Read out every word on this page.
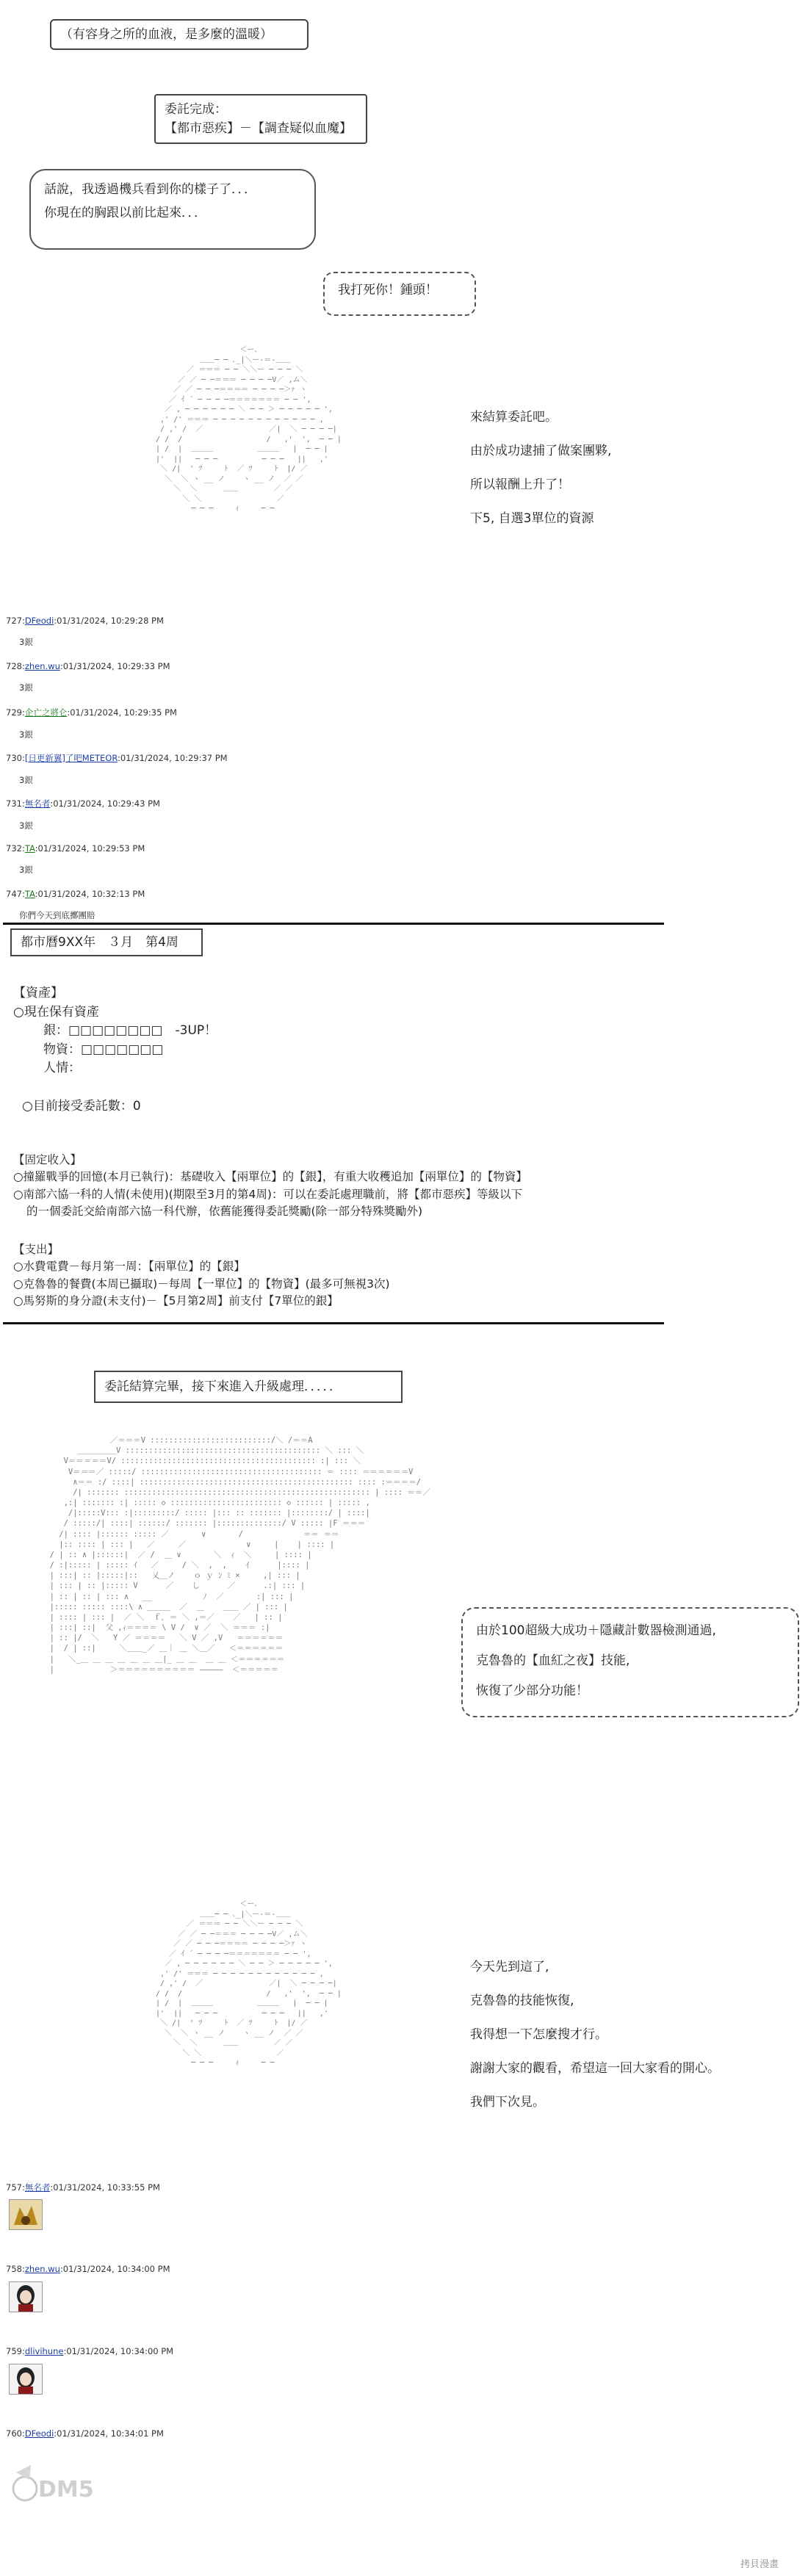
（有容身之所的血液，是多麼的溫暖）
委託完成：
【都市惡疾】－【調查疑似血魔】
話說，我透過機兵看到你的樣子了．．．
你現在的胸跟以前比起來．．．
我打死你！鍾頭！
＜ー､
＿＿─ ─ ､_|＼ー-＝-＿＿
／ ＝＝＝ ─ ─ ＼＼ー ─ ─ ─ ＼
／ ／ ─ ─＝＝＝ ─ ─ ─ ─V／ ,ム＼
／ ／ ─ ─ ─＝＝＝＝ ─ ─ ─ ─＞ｧ ヽ
／ ｲ ´ ─ ─ ─ ─＝＝＝＝＝＝＝ ─ ─ ',
／ , ─ ─ ─ ─ ─ ─ ＼ ─ ─ ＞ ─ ─ ─ ─ ─ ',
,' /' ＝＝＝ ─ ─ ─ ─ ─ ─ ─ ─ ─ ─ ─ ─ ,
/ ,' /  ／               ／|  ＼ ─ ─ ─ ─|
/ /  /                   /   ,'  ',  ─ ─ |
| /  |  ＿＿＿          ＿＿＿   |  ─ ─ |
|'  ||   ─ ─ ─          ─ ─ ─   ||   ,'
＼ /|  ' ﾂ     ﾄ  ／ ﾂ     ﾄ  |/ ／
＼  ＼ ヽ __ ノ    ヽ __ ノ  ／ ／
＼  ＼      ＿＿        ／ ／
＼ ＼                 ／
─ ─ ─     ｨ     ─ ─

來結算委託吧。
由於成功逮捕了做案團夥,
所以報酬上升了！
下5, 自選3單位的資源
727:DFeodi:01/31/2024, 10:29:28 PM
3銀
728:zhen.wu:01/31/2024, 10:29:33 PM
3銀
729:企亡之將仑:01/31/2024, 10:29:35 PM
3銀
730:[日更新翼]了吧METEOR:01/31/2024, 10:29:37 PM
3銀
731:無名者:01/31/2024, 10:29:43 PM
3銀
732:TA:01/31/2024, 10:29:53 PM
3銀
747:TA:01/31/2024, 10:32:13 PM
你們今天到底擲團賠
都市曆9XX年　３月　第4周
【資產】
○現在保有資產
　銀：□□□□□□□□　-3UP！
　物資：□□□□□□□
　人情：
○目前接受委託數：0
【固定收入】
○撞羅戰爭的回憶(本月已執行)：基礎收入【兩單位】的【銀】，有重大收穫追加【兩單位】的【物資】
○南部六協一科的人情(未使用)(期限至3月的第4周)：可以在委託處理職前，將【都市惡疾】等級以下
的一個委託交給南部六協一科代辦，依舊能獲得委託獎勵(除一部分特殊獎勵外)
【支出】
○水費電費－每月第一周：【兩單位】的【銀】
○克魯魯的餐費(本周已攝取)－每周【一單位】的【物資】(最多可無視3次)
○馬努斯的身分證(未支付)－【5月第2周】前支付【7單位的銀】
委託結算完畢，接下來進入升級處理．．．．．
／＝＝＝V ::::::::::::::::::::::::::/＼ /＝＝A
＿＿＿＿＿V :::::::::::::::::::::::::::::::::::::::::: ＼ ::: ＼
V＝＝＝＝＝V/ :::::::::::::::::::::::::::::::::::::::::: :| ::: ＼
V＝＝＝／ :::::/ ::::::::::::::::::::::::::::::::::::::: ＝ :::: ＝＝＝＝＝＝V
∧＝＝ :/ ::::| :::::::::::::::::::::::::::::::::::::::::::::: :::: :＝＝＝＝/
/| ::::::: ::::::::::::::::::::::::::::::::::::::::::::::::::::: | :::: ＝＝／
,:| ::::::: :| ::::: ◇ :::::::::::::::::::::::: ◇ :::::: | ::::: ,
/|:::::V::: :|:::::::::/ ::::: |::: :: ::::::: |::::::::/ | ::::|
/ :::::/| ::::| ::::::/ ::::::: |::::::::::::::/ V ::::: |F ＝＝＝
/| :::: |:::::: ::::: ／       ∨       /             ＝＝ ＝＝
|:: :::: | ::: |   ／     ／             ∨     |    | :::: |
/ | :: ∧ |::::::|  ／ /  ＿ ∨       ＼  ｨ  ＼     | :::: |
/ :|::::: | ::::: ｲ   ／     / ＼  ,  ,    ｲ      |:::: |
| :::| :: |:::::|::   乂＿ノ    ｏ ｙ ﾝ ﾐ ×     ,| ::: |
| ::: | :: |::::: V      ／    し      ／      .:| ::: |
| :: | :: | ::: ∧   __           ﾉ  ／       :| ::: |
|::::: ::::: ::::\ ∧ ＿＿＿  ／  ＿    ＿＿ ／ | ::: |
| :::: | ::: |  ／ ＼  ｆ､ ＝ ＼ ,＝／    ／   | :: |
| :::| ::|  父 ,ｨ＝＝＝＝ \ V /  ∨ ／  ＼ ＝＝＝ :|
| :: |/  ＼   Y ／ ＝＝＝＝   ＼ V ／ ,V   ＝＝＝＝＝＝
|  / | ::|     ＼＿＿_／ ＿｜ ＿ ＼＿／   ＜＝＝＝＝＝＝
|   ＼_＿ ＿ ＿ ＿ ＿ ＿ ＿|_ ＿ ＿  ＿ ＿ ＜＝＝＝＝＝＝
|            ＞＝＝＝＝＝＝＝＝＝＝ ―――――  ＜＝＝＝＝＝

由於100超級大成功＋隱藏計數器檢測通過,
克魯魯的【血紅之夜】技能,
恢復了少部分功能！
＜ー､
＿＿─ ─ ､_|＼ー-＝-＿＿
／ ＝＝＝ ─ ─ ＼＼ー ─ ─ ─ ＼
／ ／ ─ ─＝＝＝ ─ ─ ─ ─V／ ,ム＼
／ ／ ─ ─ ─＝＝＝＝ ─ ─ ─ ─＞ｧ ヽ
／ ｲ ´ ─ ─ ─ ─＝＝＝＝＝＝＝ ─ ─ ',
／ , ─ ─ ─ ─ ─ ─ ＼ ─ ─ ＞ ─ ─ ─ ─ ─ ',
,' /' ＝＝＝ ─ ─ ─ ─ ─ ─ ─ ─ ─ ─ ─ ─ ,
/ ,' /  ／               ／|  ＼ ─ ─ ─ ─|
/ /  /                   /   ,'  ',  ─ ─ |
| /  |  ＿＿＿          ＿＿＿   |  ─ ─ |
|'  ||   ─ ─ ─          ─ ─ ─   ||   ,'
＼ /|  ' ﾂ     ﾄ  ／ ﾂ     ﾄ  |/ ／
＼  ＼ ヽ __ ノ    ヽ __ ノ  ／ ／
＼  ＼      ＿＿        ／ ／
＼ ＼                 ／
─ ─ ─     ｨ     ─ ─

今天先到這了,
克魯魯的技能恢復,
我得想一下怎麼搜才行。
謝謝大家的觀看，希望這一回大家看的開心。
我們下次見。
757:無名者:01/31/2024, 10:33:55 PM
758:zhen.wu:01/31/2024, 10:34:00 PM
759:dlivihune:01/31/2024, 10:34:00 PM
760:DFeodi:01/31/2024, 10:34:01 PM
DM5
拷貝漫畫
